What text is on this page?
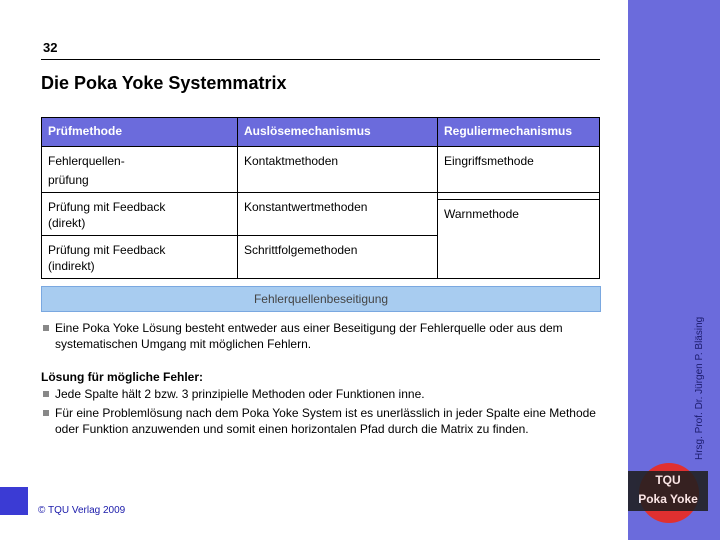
32
Die Poka Yoke Systemmatrix
Hrsg. Prof. Dr. Jürgen P. Bläsing
Prüfmethode	Auslösemechanismus	Reguliermechanismus

Fehlerquellen-
prüfung	Kontaktmethoden	Eingriffsmethode

Prüfung mit Feedback
(direkt)	Konstantwertmethoden	Warnmethode

Prüfung mit Feedback
(indirekt)	Schrittfolgemethoden	
Fehlerquellenbeseitigung
Eine Poka Yoke Lösung besteht entweder aus einer Beseitigung der Fehlerquelle oder aus dem systematischen Umgang mit möglichen Fehlern.
Lösung für mögliche Fehler:
Jede Spalte hält 2 bzw. 3 prinzipielle Methoden oder Funktionen inne.
Für eine Problemlösung nach dem Poka Yoke System ist es unerlässlich in jeder Spalte eine Methode oder Funktion anzuwenden und somit einen horizontalen Pfad durch die Matrix zu finden.
TQU
Poka Yoke
© TQU Verlag 2009
